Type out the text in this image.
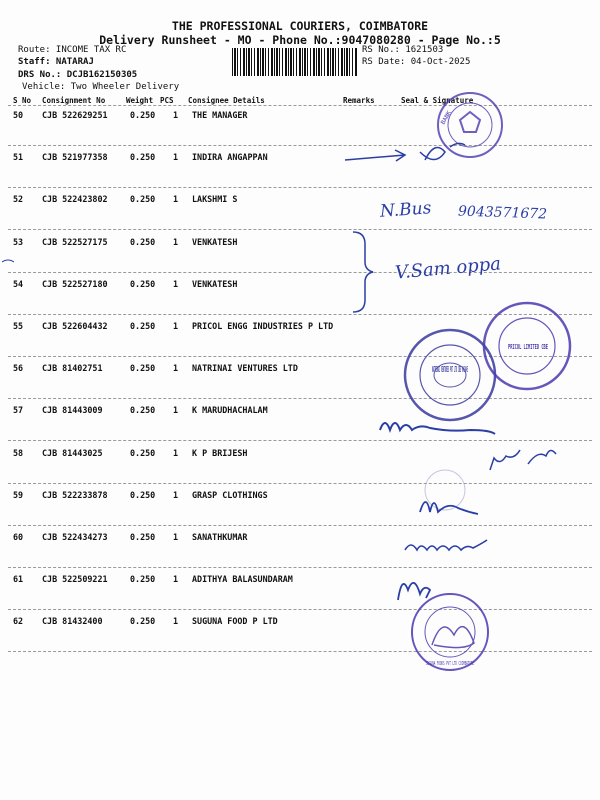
THE PROFESSIONAL COURIERS, COIMBATORE
Delivery Runsheet - MO - Phone No.:9047080280 - Page No.:5
Route: INCOME TAX RC
Staff: NATARAJ
DRS No.: DCJB162150305
Vehicle: Two Wheeler Delivery
RS No.: 1621503
RS Date: 04-Oct-2025
S No Consignment No	Weight PCS Consignee Details	Remarks	Seal & Signature
50 CJB 522629251	0.250 1 THE MANAGER
51 CJB 521977358	0.250 1 INDIRA ANGAPPAN
52 CJB 522423802	0.250 1 LAKSHMI S
53 CJB 522527175	0.250 1 VENKATESH
54 CJB 522527180	0.250 1 VENKATESH
55 CJB 522604432	0.250 1 PRICOL ENGG INDUSTRIES P LTD
56 CJB 81402751	0.250 1 NATRINAI VENTURES LTD
57 CJB 81443009	0.250 1 K MARUDHACHALAM
58 CJB 81443025	0.250 1 K P BRIJESH
59 CJB 522233878	0.250 1 GRASP CLOTHINGS
60 CJB 522434273	0.250 1 SANATHKUMAR
61 CJB 522509221	0.250 1 ADITHYA BALASUNDARAM
62 CJB 81432400	0.250 1 SUGUNA FOOD P LTD
N.Bus 9043571672
V.Sam oppa
BANK
NATRINAI VENTURES PVT LTD CBE 641045
PRICOL LIMITED CBE
SUGUNA FOODS PVT LTD COIMBATORE
